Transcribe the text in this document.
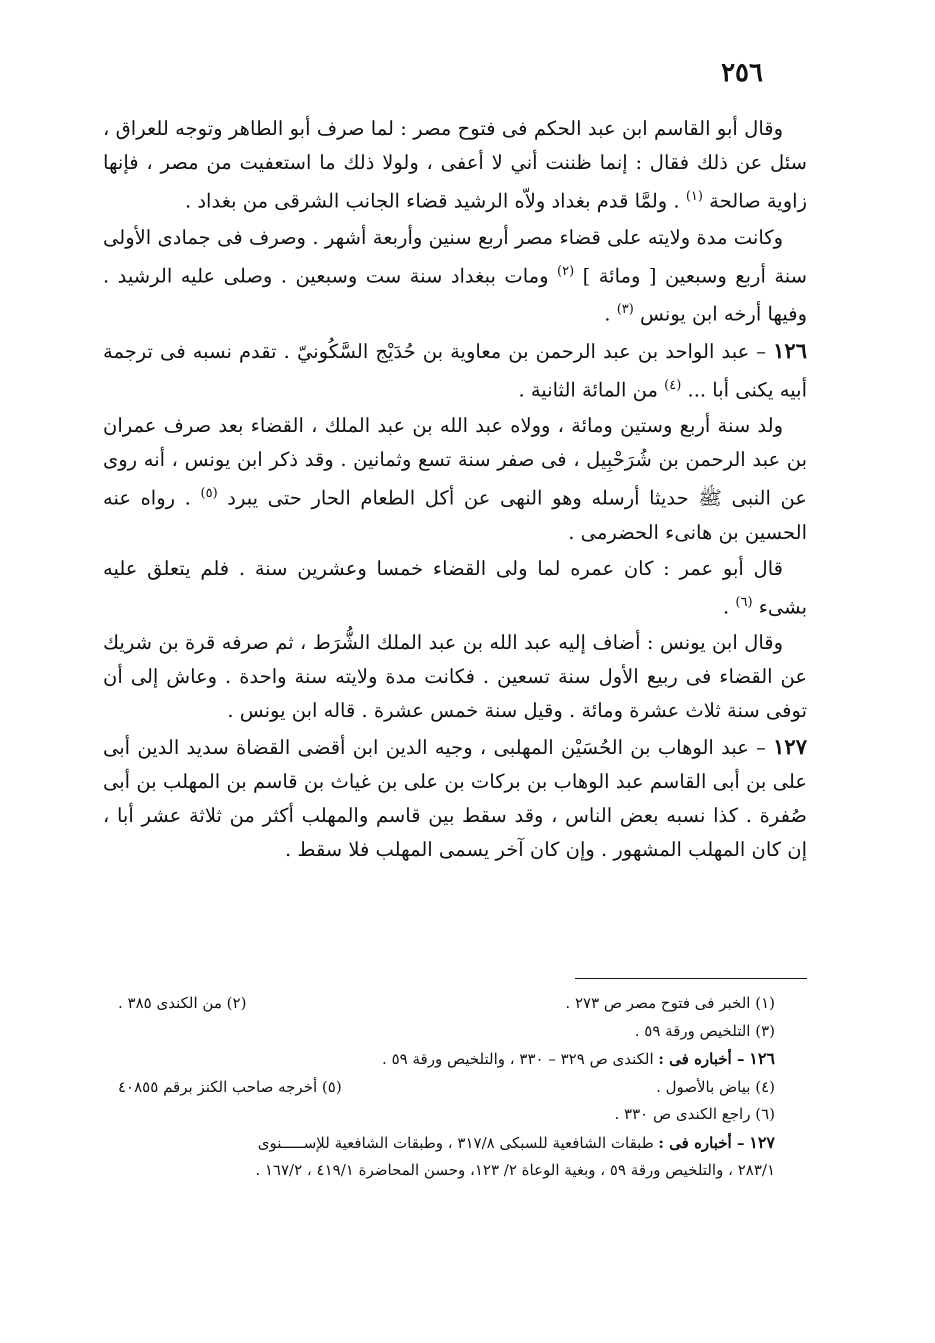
٢٥٦

وقال أبو القاسم ابن عبد الحكم فى فتوح مصر : لما صرف أبو الطاهر وتوجه للعراق ، سئل عن ذلك فقال : إنما ظننت أني لا أعفى ، ولولا ذلك ما استعفيت من مصر ، فإنها زاوية صالحة $^{(١)}$ . ولمَّا قدم بغداد ولاّه الرشيد قضاء الجانب الشرقى من بغداد .

وكانت مدة ولايته على قضاء مصر أربع سنين وأربعة أشهر . وصرف فى جمادى الأولى سنة أربع وسبعين [ ومائة ] $^{(٢)}$ ومات ببغداد سنة ست وسبعين . وصلى عليه الرشيد . وفيها أرخه ابن يونس $^{(٣)}$ .

١٢٦ – عبد الواحد بن عبد الرحمن بن معاوية بن حُدَيْج السَّكُونيّ . تقدم نسبه فى ترجمة أبيه يكنى أبا ... $^{(٤)}$ من المائة الثانية .

ولد سنة أربع وستين ومائة ، وولاه عبد الله بن عبد الملك ، القضاء بعد صرف عمران بن عبد الرحمن بن شُرَحْبِيل ، فى صفر سنة تسع وثمانين . وقد ذكر ابن يونس ، أنه روى عن النبى ﷺ حديثا أرسله وهو النهى عن أكل الطعام الحار حتى يبرد $^{(٥)}$ . رواه عنه الحسين بن هانىء الحضرمى .

قال أبو عمر : كان عمره لما ولى القضاء خمسا وعشرين سنة . فلم يتعلق عليه بشىء $^{(٦)}$ .

وقال ابن يونس : أضاف إليه عبد الله بن عبد الملك الشُّرَط ، ثم صرفه قرة بن شريك عن القضاء فى ربيع الأول سنة تسعين . فكانت مدة ولايته سنة واحدة . وعاش إلى أن توفى سنة ثلاث عشرة ومائة . وقيل سنة خمس عشرة . قاله ابن يونس .

١٢٧ – عبد الوهاب بن الحُسَيْن المهلبى ، وجيه الدين ابن أقضى القضاة سديد الدين أبى على بن أبى القاسم عبد الوهاب بن بركات بن على بن غياث بن قاسم بن المهلب بن أبى صُفرة . كذا نسبه بعض الناس ، وقد سقط بين قاسم والمهلب أكثر من ثلاثة عشر أبا ، إن كان المهلب المشهور . وإن كان آخر يسمى المهلب فلا سقط .

(١) الخبر فى فتوح مصر ص ٢٧٣ .
(٢) من الكندى ٣٨٥ .
(٣) التلخيص ورقة ٥٩ .
١٢٦ – أخباره فى : الكندى ص ٣٢٩ – ٣٣٠ ، والتلخيص ورقة ٥٩ .
(٤) بياض بالأصول .
(٥) أخرجه صاحب الكنز برقم ٤٠٨٥٥
(٦) راجع الكندى ص ٣٣٠ .
١٢٧ – أخباره فى : طبقات الشافعية للسبكى ٣١٧/٨ ، وطبقات الشافعية للإســـــنوى
٢٨٣/١ ، والتلخيص ورقة ٥٩ ، وبغية الوعاة ٢/ ١٢٣، وحسن المحاضرة ٤١٩/١ ، ١٦٧/٢ .
